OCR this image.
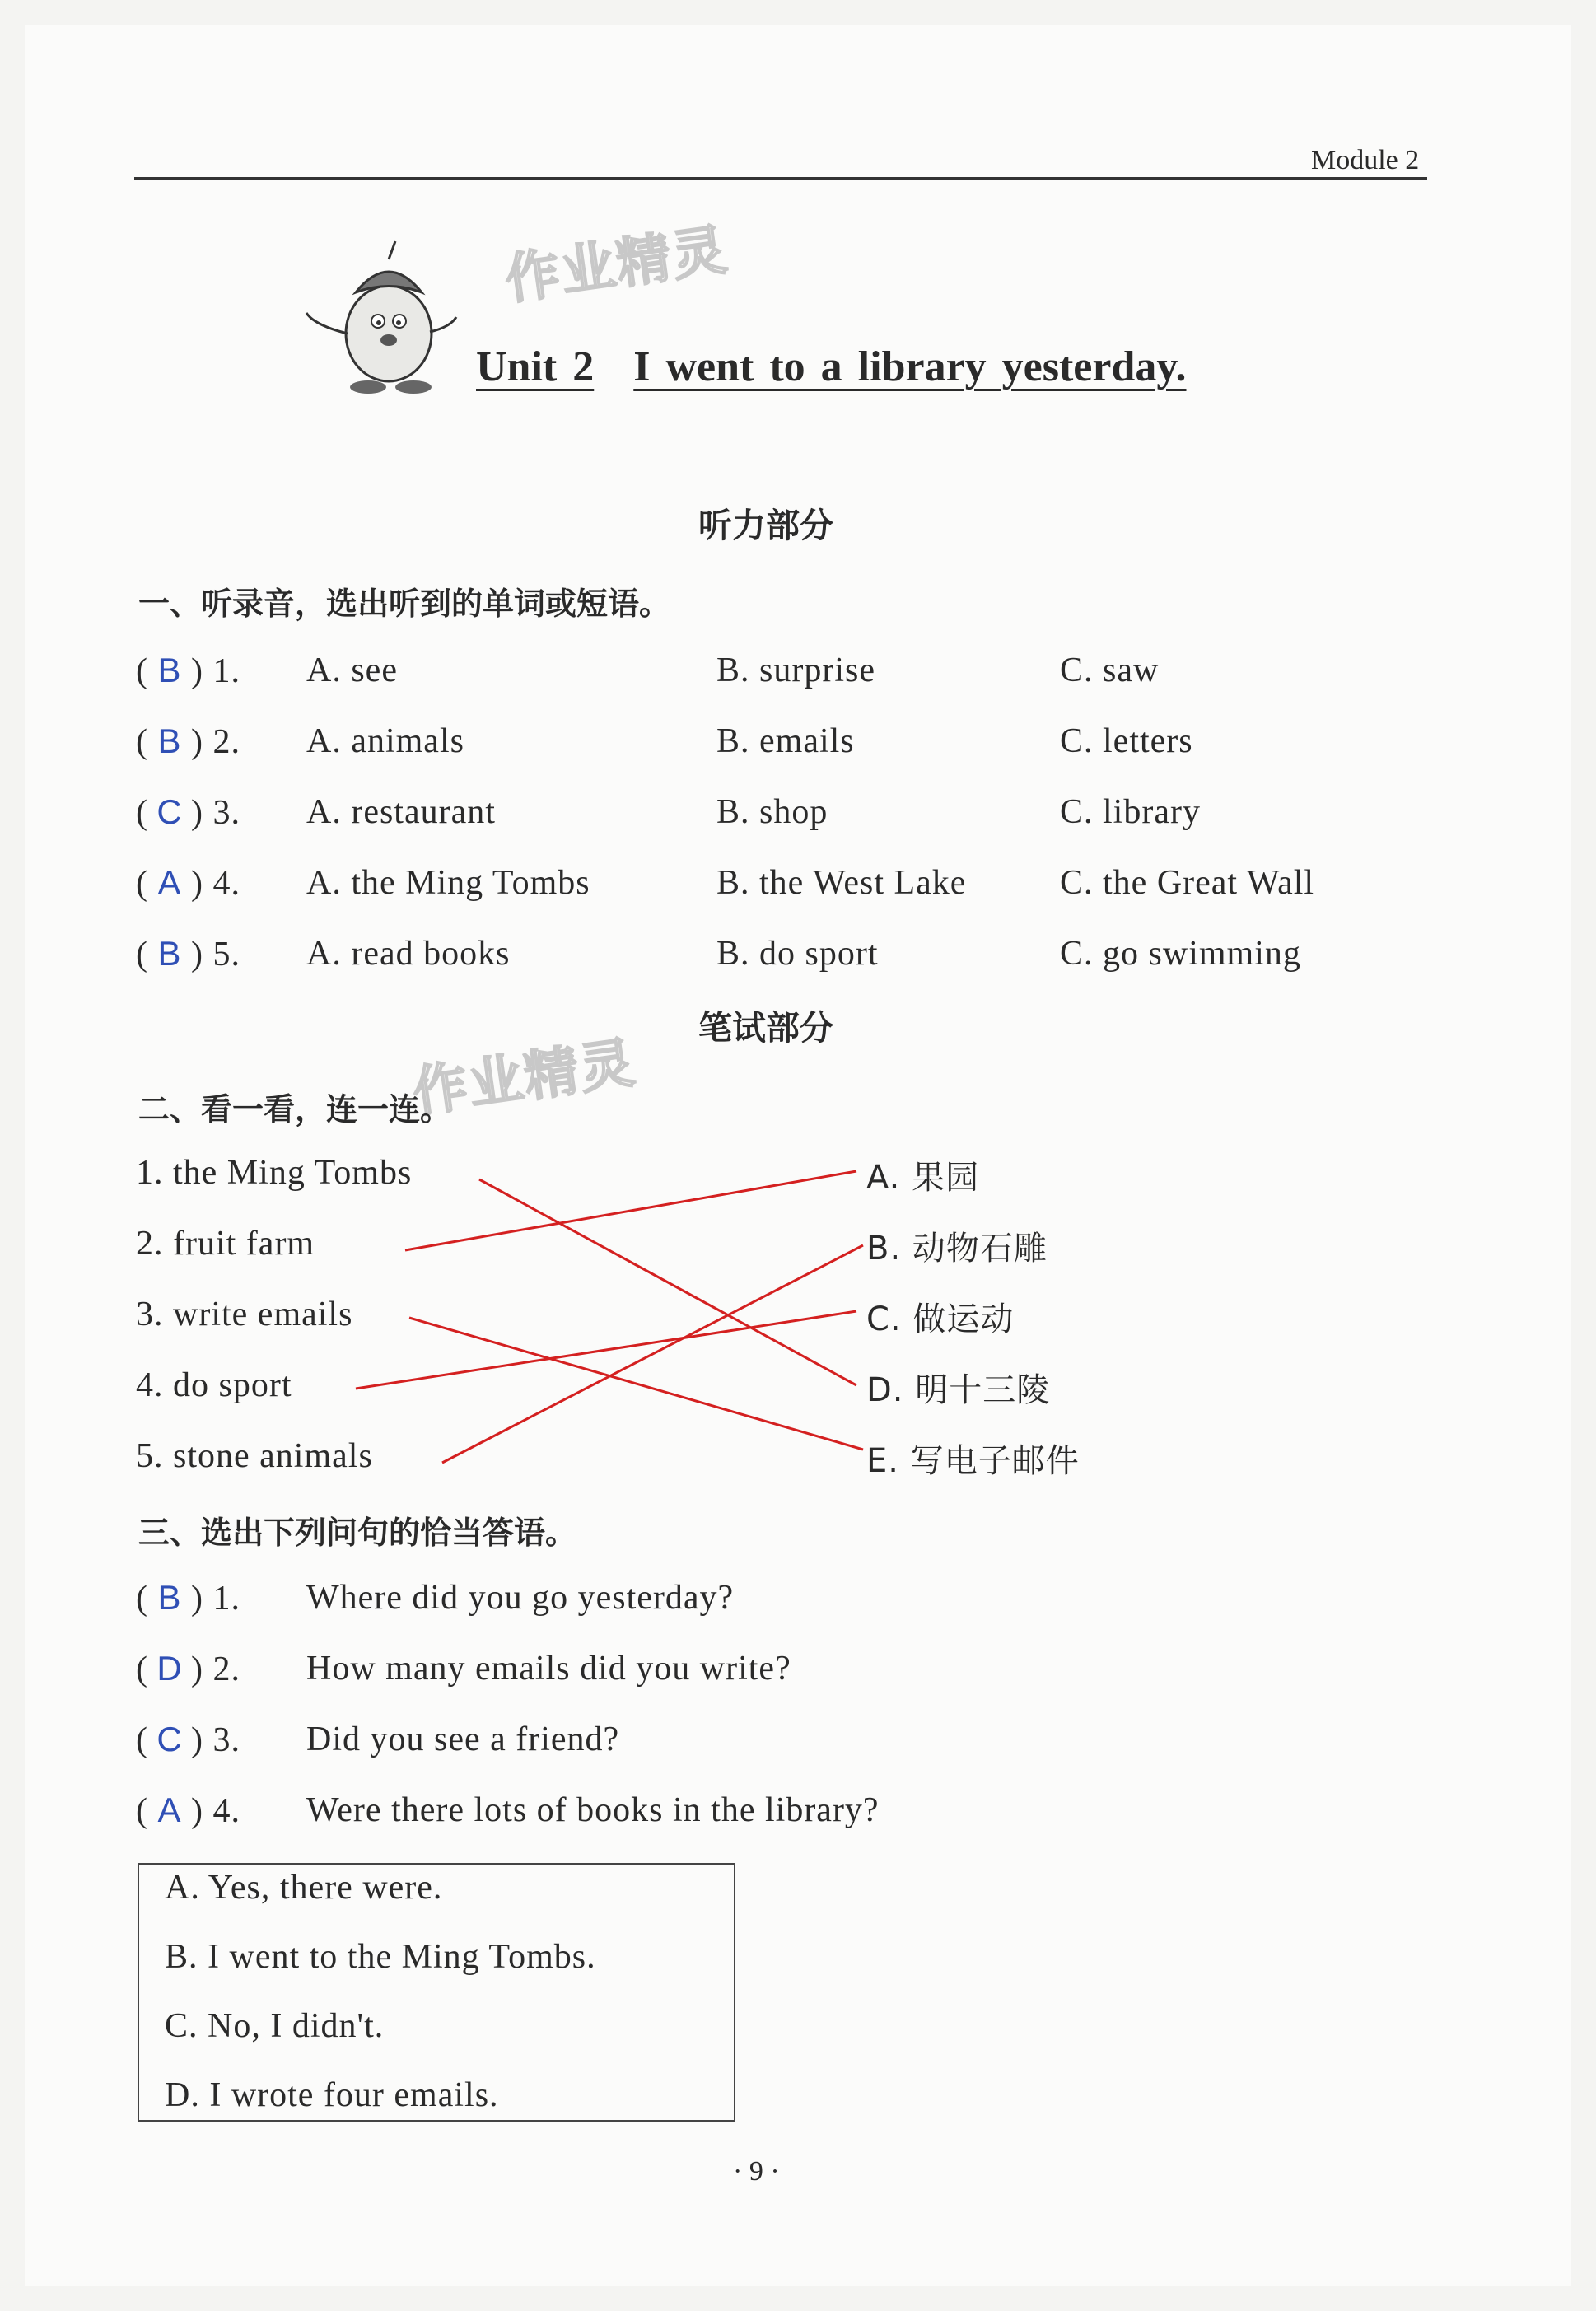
Module 2
作业精灵
作业精灵
Unit 2 I went to a library yesterday.
听力部分
一、听录音，选出听到的单词或短语。
( B ) 1. A. see	B. surprise	C. saw
( B ) 2. A. animals	B. emails	C. letters
( C ) 3. A. restaurant	B. shop	C. library
( A ) 4. A. the Ming Tombs	B. the West Lake	C. the Great Wall
( B ) 5. A. read books	B. do sport	C. go swimming
笔试部分
二、看一看，连一连。
1. the Ming Tombs
2. fruit farm
3. write emails
4. do sport
5. stone animals
A. 果园
B. 动物石雕
C. 做运动
D. 明十三陵
E. 写电子邮件
三、选出下列问句的恰当答语。
( B ) 1. Where did you go yesterday?
( D ) 2. How many emails did you write?
( C ) 3. Did you see a friend?
( A ) 4. Were there lots of books in the library?
A. Yes, there were.
B. I went to the Ming Tombs.
C. No, I didn't.
D. I wrote four emails.
· 9 ·
